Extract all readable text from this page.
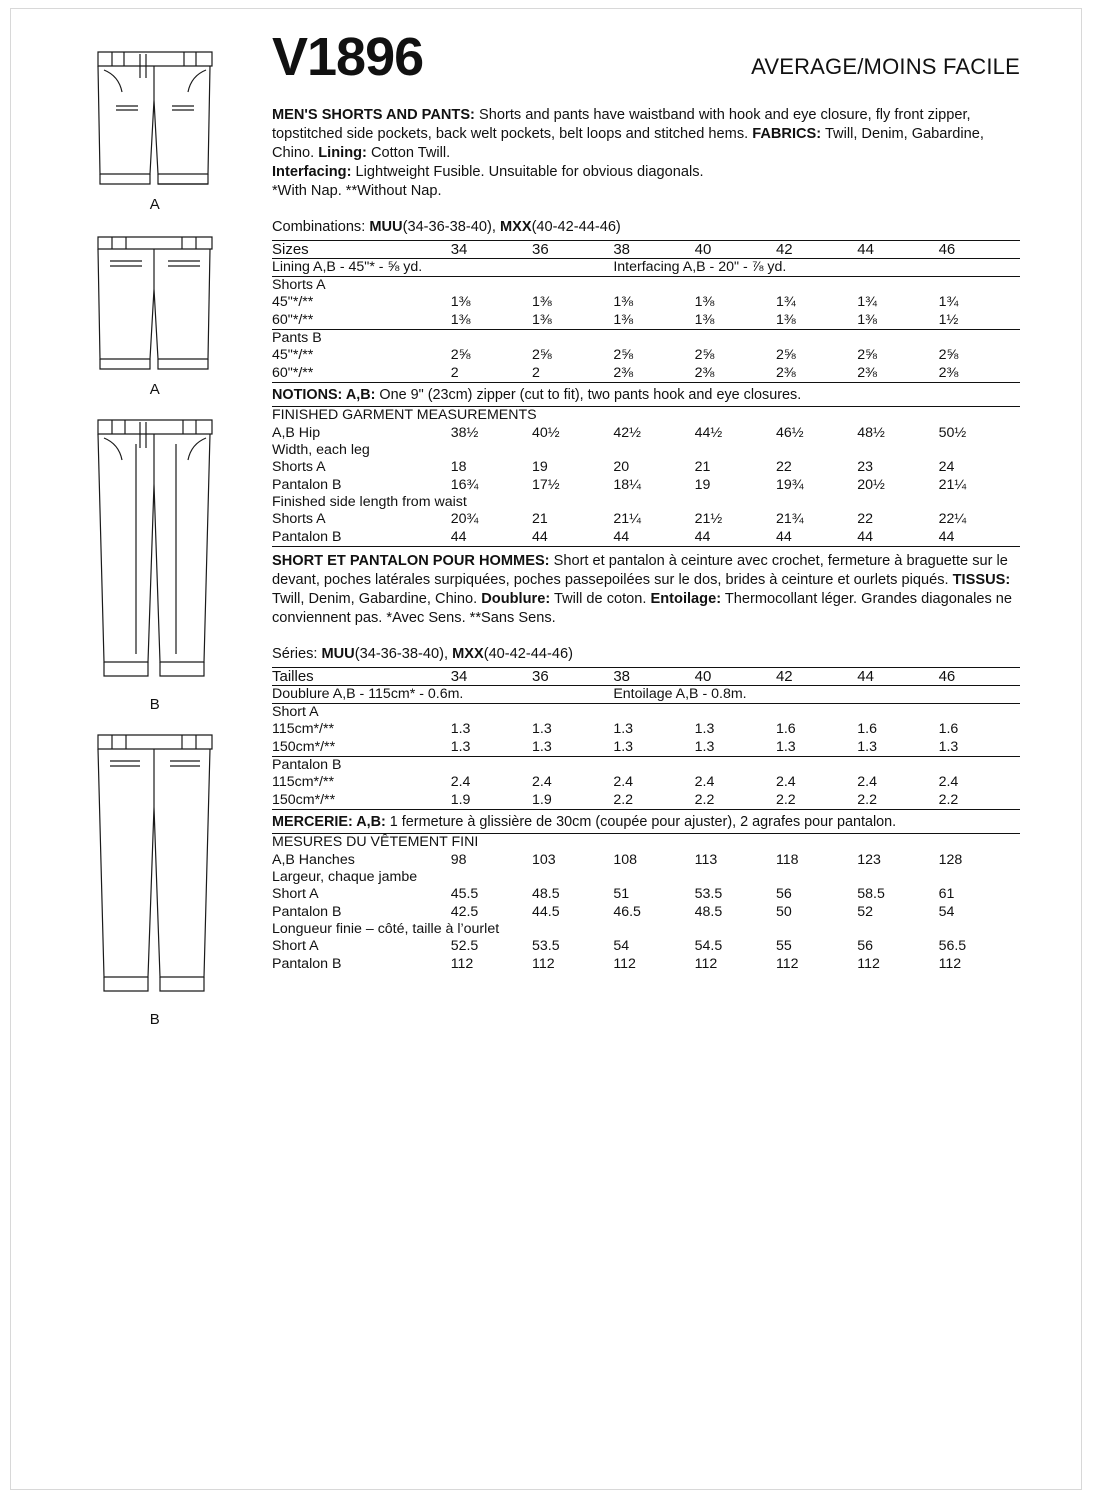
A
A
B
B
V1896	AVERAGE/MOINS FACILE
MEN'S SHORTS AND PANTS: Shorts and pants have waistband with hook and eye closure, fly front zipper, topstitched side pockets, back welt pockets, belt loops and stitched hems. FABRICS: Twill, Denim, Gabardine, Chino. Lining: Cotton Twill.
Interfacing: Lightweight Fusible. Unsuitable for obvious diagonals.
*With Nap. **Without Nap.
Combinations: MUU(34-36-38-40), MXX(40-42-44-46)
Sizes	34	36	38	40	42	44	46
Lining A,B - 45"* - ⅝ yd.			Interfacing A,B - 20" - ⅞ yd.				
Shorts A							
45"*/**	1⅜	1⅜	1⅜	1⅜	1¾	1¾	1¾
60"*/**	1⅜	1⅜	1⅜	1⅜	1⅜	1⅜	1½
Pants B							
45"*/**	2⅝	2⅝	2⅝	2⅝	2⅝	2⅝	2⅝
60"*/**	2	2	2⅜	2⅜	2⅜	2⅜	2⅜
NOTIONS: A,B: One 9" (23cm) zipper (cut to fit), two pants hook and eye closures.
FINISHED GARMENT MEASUREMENTS							
A,B Hip	38½	40½	42½	44½	46½	48½	50½
Width, each leg							
Shorts A	18	19	20	21	22	23	24
Pantalon B	16¾	17½	18¼	19	19¾	20½	21¼
Finished side length from waist							
Shorts A	20¾	21	21¼	21½	21¾	22	22¼
Pantalon B	44	44	44	44	44	44	44
SHORT ET PANTALON POUR HOMMES: Short et pantalon à ceinture avec crochet, fermeture à braguette sur le devant, poches latérales surpiquées, poches passepoilées sur le dos, brides à ceinture et ourlets piqués. TISSUS: Twill, Denim, Gabardine, Chino. Doublure: Twill de coton. Entoilage: Thermocollant léger. Grandes diagonales ne conviennent pas. *Avec Sens. **Sans Sens.
Séries: MUU(34-36-38-40), MXX(40-42-44-46)
Tailles	34	36	38	40	42	44	46
Doublure A,B - 115cm* - 0.6m.			Entoilage A,B - 0.8m.				
Short A							
115cm*/**	1.3	1.3	1.3	1.3	1.6	1.6	1.6
150cm*/**	1.3	1.3	1.3	1.3	1.3	1.3	1.3
Pantalon B							
115cm*/**	2.4	2.4	2.4	2.4	2.4	2.4	2.4
150cm*/**	1.9	1.9	2.2	2.2	2.2	2.2	2.2
MERCERIE: A,B: 1 fermeture à glissière de 30cm (coupée pour ajuster), 2 agrafes pour pantalon.
MESURES DU VÊTEMENT FINI							
A,B Hanches	98	103	108	113	118	123	128
Largeur, chaque jambe							
Short A	45.5	48.5	51	53.5	56	58.5	61
Pantalon B	42.5	44.5	46.5	48.5	50	52	54
Longueur finie – côté, taille à l’ourlet							
Short A	52.5	53.5	54	54.5	55	56	56.5
Pantalon B	112	112	112	112	112	112	112
